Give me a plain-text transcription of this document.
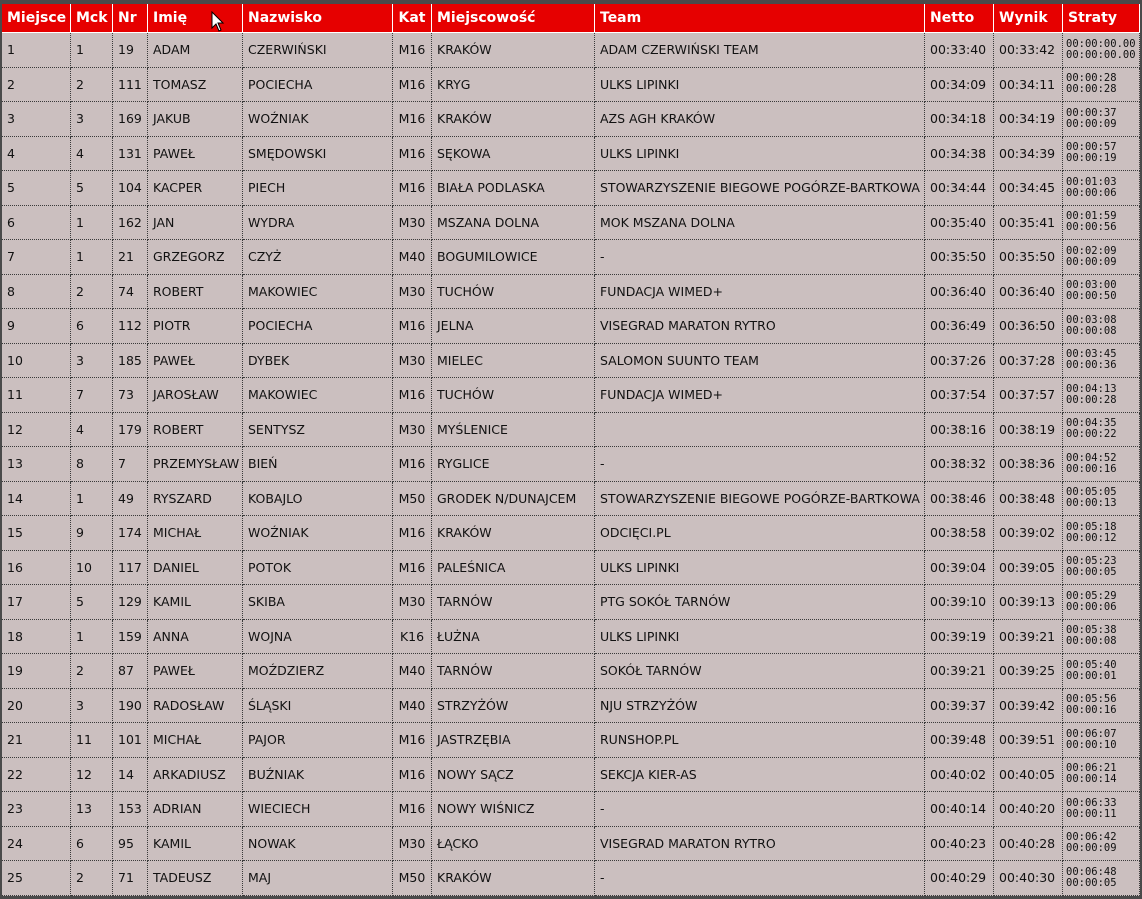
Miejsce	Mck	Nr	Imię	Nazwisko	Kat	Miejscowość	Team	Netto	Wynik	Straty
1	1	19	ADAM	CZERWIŃSKI	M16	KRAKÓW	ADAM CZERWIŃSKI TEAM	00:33:40	00:33:42	00:00:00.00
00:00:00.00

2	2	111	TOMASZ	POCIECHA	M16	KRYG	ULKS LIPINKI	00:34:09	00:34:11	00:00:28
00:00:28

3	3	169	JAKUB	WOŹNIAK	M16	KRAKÓW	AZS AGH KRAKÓW	00:34:18	00:34:19	00:00:37
00:00:09

4	4	131	PAWEŁ	SMĘDOWSKI	M16	SĘKOWA	ULKS LIPINKI	00:34:38	00:34:39	00:00:57
00:00:19

5	5	104	KACPER	PIECH	M16	BIAŁA PODLASKA	STOWARZYSZENIE BIEGOWE POGÓRZE-BARTKOWA	00:34:44	00:34:45	00:01:03
00:00:06

6	1	162	JAN	WYDRA	M30	MSZANA DOLNA	MOK MSZANA DOLNA	00:35:40	00:35:41	00:01:59
00:00:56

7	1	21	GRZEGORZ	CZYŻ	M40	BOGUMILOWICE	-	00:35:50	00:35:50	00:02:09
00:00:09

8	2	74	ROBERT	MAKOWIEC	M30	TUCHÓW	FUNDACJA WIMED+	00:36:40	00:36:40	00:03:00
00:00:50

9	6	112	PIOTR	POCIECHA	M16	JELNA	VISEGRAD MARATON RYTRO	00:36:49	00:36:50	00:03:08
00:00:08

10	3	185	PAWEŁ	DYBEK	M30	MIELEC	SALOMON SUUNTO TEAM	00:37:26	00:37:28	00:03:45
00:00:36

11	7	73	JAROSŁAW	MAKOWIEC	M16	TUCHÓW	FUNDACJA WIMED+	00:37:54	00:37:57	00:04:13
00:00:28

12	4	179	ROBERT	SENTYSZ	M30	MYŚLENICE		00:38:16	00:38:19	00:04:35
00:00:22

13	8	7	PRZEMYSŁAW	BIEŃ	M16	RYGLICE	-	00:38:32	00:38:36	00:04:52
00:00:16

14	1	49	RYSZARD	KOBAJLO	M50	GRODEK N/DUNAJCEM	STOWARZYSZENIE BIEGOWE POGÓRZE-BARTKOWA	00:38:46	00:38:48	00:05:05
00:00:13

15	9	174	MICHAŁ	WOŹNIAK	M16	KRAKÓW	ODCIĘCI.PL	00:38:58	00:39:02	00:05:18
00:00:12

16	10	117	DANIEL	POTOK	M16	PALEŚNICA	ULKS LIPINKI	00:39:04	00:39:05	00:05:23
00:00:05

17	5	129	KAMIL	SKIBA	M30	TARNÓW	PTG SOKÓŁ TARNÓW	00:39:10	00:39:13	00:05:29
00:00:06

18	1	159	ANNA	WOJNA	K16	ŁUŻNA	ULKS LIPINKI	00:39:19	00:39:21	00:05:38
00:00:08

19	2	87	PAWEŁ	MOŹDZIERZ	M40	TARNÓW	SOKÓŁ TARNÓW	00:39:21	00:39:25	00:05:40
00:00:01

20	3	190	RADOSŁAW	ŚLĄSKI	M40	STRZYŻÓW	NJU STRZYŻÓW	00:39:37	00:39:42	00:05:56
00:00:16

21	11	101	MICHAŁ	PAJOR	M16	JASTRZĘBIA	RUNSHOP.PL	00:39:48	00:39:51	00:06:07
00:00:10

22	12	14	ARKADIUSZ	BUŹNIAK	M16	NOWY SĄCZ	SEKCJA KIER-AS	00:40:02	00:40:05	00:06:21
00:00:14

23	13	153	ADRIAN	WIECIECH	M16	NOWY WIŚNICZ	-	00:40:14	00:40:20	00:06:33
00:00:11

24	6	95	KAMIL	NOWAK	M30	ŁĄCKO	VISEGRAD MARATON RYTRO	00:40:23	00:40:28	00:06:42
00:00:09

25	2	71	TADEUSZ	MAJ	M50	KRAKÓW	-	00:40:29	00:40:30	00:06:48
00:00:05
